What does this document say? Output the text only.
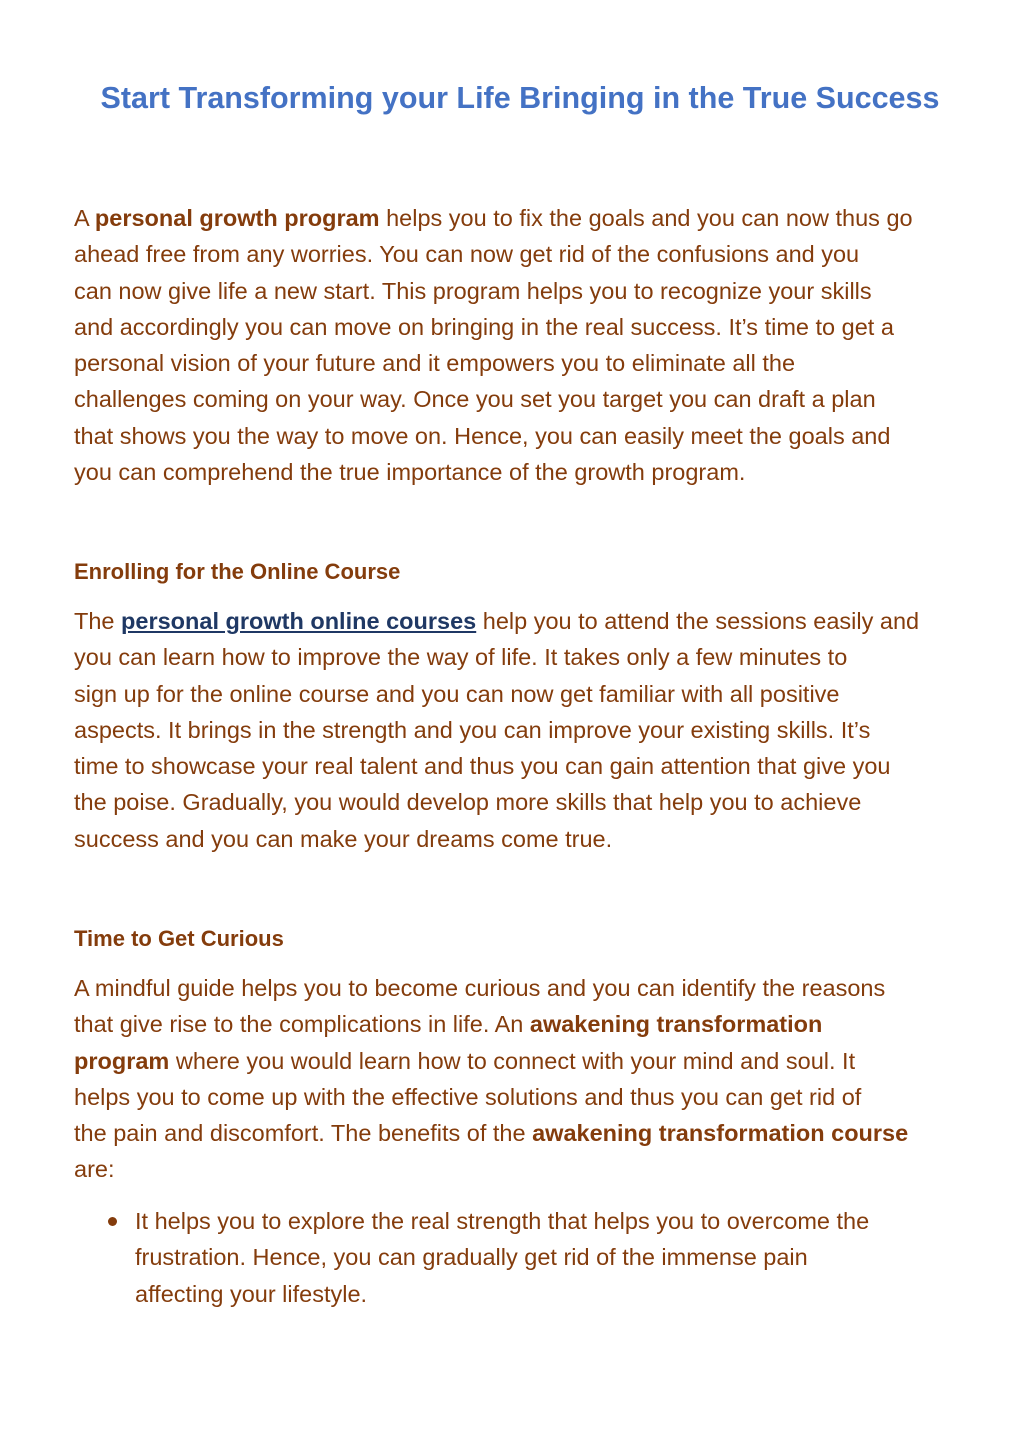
Start Transforming your Life Bringing in the True Success

A personal growth program helps you to fix the goals and you can now thus go
ahead free from any worries. You can now get rid of the confusions and you
can now give life a new start. This program helps you to recognize your skills
and accordingly you can move on bringing in the real success. It’s time to get a
personal vision of your future and it empowers you to eliminate all the
challenges coming on your way. Once you set you target you can draft a plan
that shows you the way to move on. Hence, you can easily meet the goals and
you can comprehend the true importance of the growth program.

Enrolling for the Online Course

The personal growth online courses help you to attend the sessions easily and
you can learn how to improve the way of life. It takes only a few minutes to
sign up for the online course and you can now get familiar with all positive
aspects. It brings in the strength and you can improve your existing skills. It’s
time to showcase your real talent and thus you can gain attention that give you
the poise. Gradually, you would develop more skills that help you to achieve
success and you can make your dreams come true.

Time to Get Curious

A mindful guide helps you to become curious and you can identify the reasons
that give rise to the complications in life. An awakening transformation
program where you would learn how to connect with your mind and soul. It
helps you to come up with the effective solutions and thus you can get rid of
the pain and discomfort. The benefits of the awakening transformation course
are:

It helps you to explore the real strength that helps you to overcome the
frustration. Hence, you can gradually get rid of the immense pain
affecting your lifestyle.
